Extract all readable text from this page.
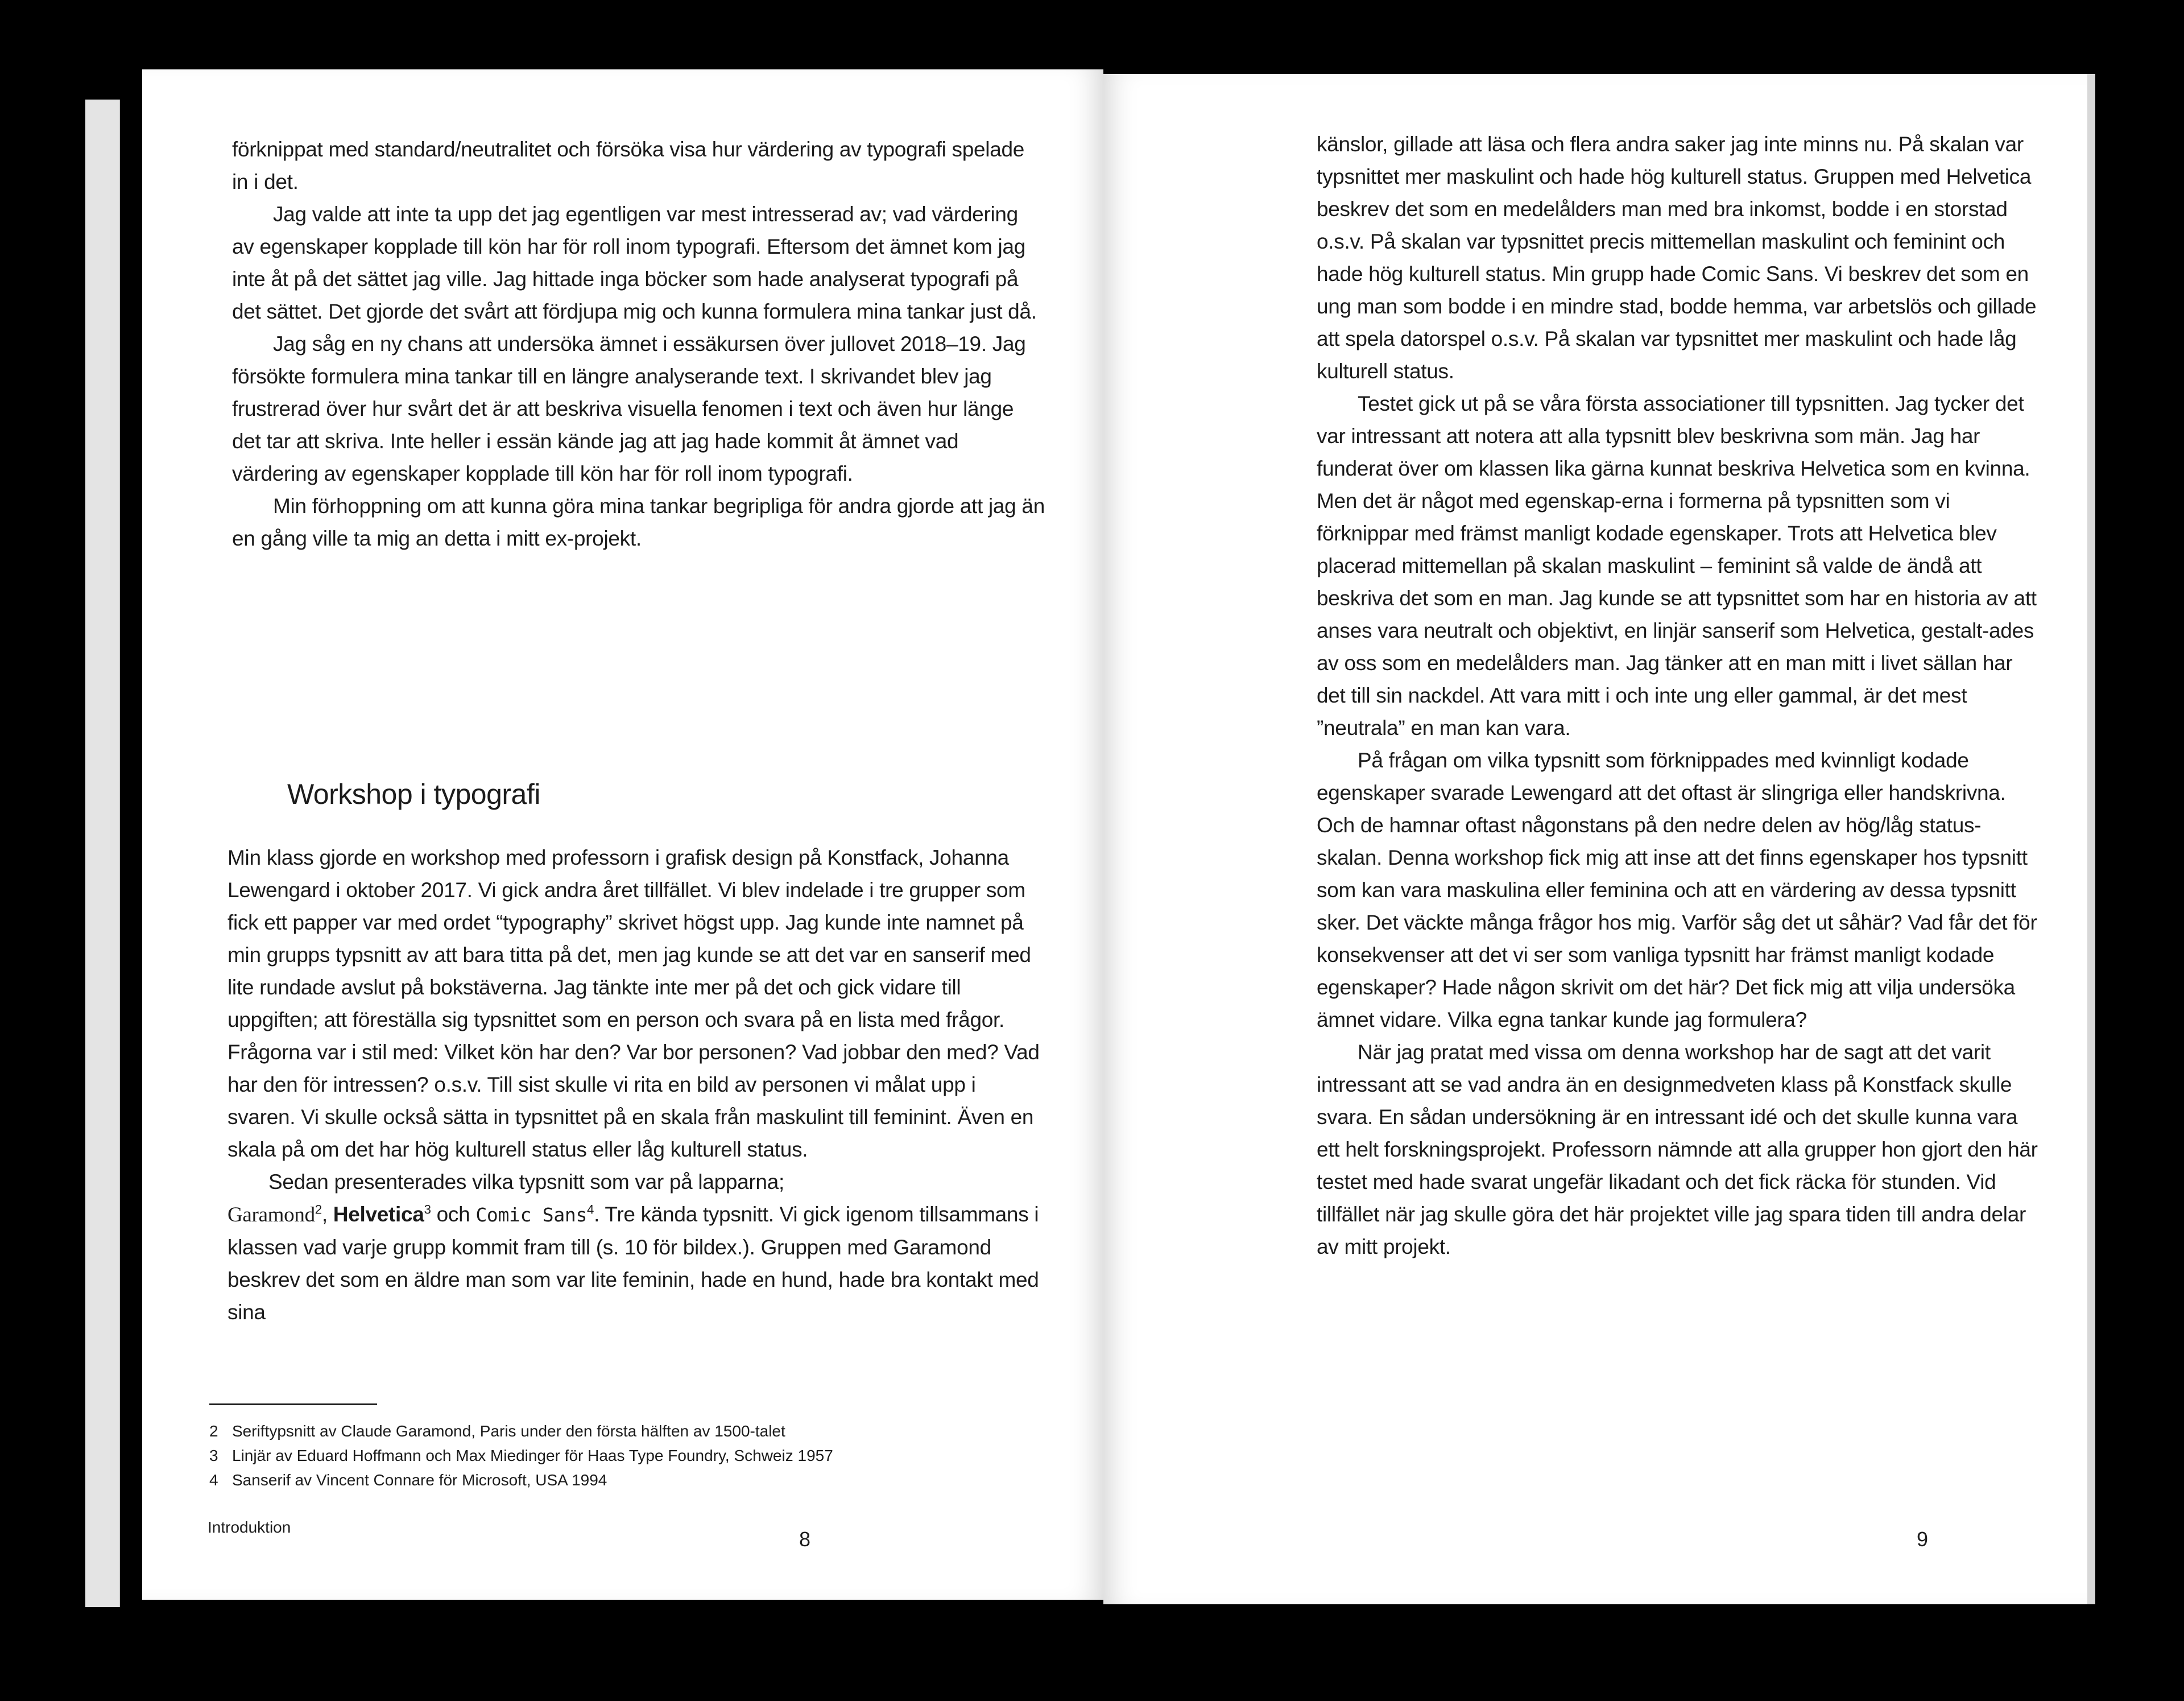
förknippat med standard/neutralitet och försöka visa hur värdering av typografi spelade in i det.

Jag valde att inte ta upp det jag egentligen var mest intresserad av; vad värdering av egenskaper kopplade till kön har för roll inom typografi. Eftersom det ämnet kom jag inte åt på det sättet jag ville. Jag hittade inga böcker som hade analyserat typografi på det sättet. Det gjorde det svårt att fördjupa mig och kunna formulera mina tankar just då.

Jag såg en ny chans att undersöka ämnet i essäkursen över jullovet 2018–19. Jag försökte formulera mina tankar till en längre analyserande text. I skrivandet blev jag frustrerad över hur svårt det är att beskriva visuella fenomen i text och även hur länge det tar att skriva. Inte heller i essän kände jag att jag hade kommit åt ämnet vad värdering av egenskaper kopplade till kön har för roll inom typografi.

Min förhoppning om att kunna göra mina tankar begripliga för andra gjorde att jag än en gång ville ta mig an detta i mitt ex-projekt.

Workshop i typografi

Min klass gjorde en workshop med professorn i grafisk design på Konstfack, Johanna Lewengard i oktober 2017. Vi gick andra året tillfället. Vi blev indelade i tre grupper som fick ett papper var med ordet “typography” skrivet högst upp. Jag kunde inte namnet på min grupps typsnitt av att bara titta på det, men jag kunde se att det var en sanserif med lite rundade avslut på bokstäverna. Jag tänkte inte mer på det och gick vidare till uppgiften; att föreställa sig typsnittet som en person och svara på en lista med frågor. Frågorna var i stil med: Vilket kön har den? Var bor personen? Vad jobbar den med? Vad har den för intressen? o.s.v. Till sist skulle vi rita en bild av personen vi målat upp i svaren. Vi skulle också sätta in typsnittet på en skala från maskulint till feminint. Även en skala på om det har hög kulturell status eller låg kulturell status.

Sedan presenterades vilka typsnitt som var på lapparna;
Garamond$^2$, Helvetica$^3$ och Comic Sans$^4$. Tre kända typsnitt. Vi gick igenom tillsammans i klassen vad varje grupp kommit fram till (s. 10 för bildex.). Gruppen med Garamond beskrev det som en äldre man som var lite feminin, hade en hund, hade bra kontakt med sina

2 Seriftypsnitt av Claude Garamond, Paris under den första hälften av 1500-talet

3 Linjär av Eduard Hoffmann och Max Miedinger för Haas Type Foundry, Schweiz 1957

4 Sanserif av Vincent Connare för Microsoft, USA 1994

Introduktion
8

känslor, gillade att läsa och flera andra saker jag inte minns nu. På skalan var typsnittet mer maskulint och hade hög kulturell status. Gruppen med Helvetica beskrev det som en medelålders man med bra inkomst, bodde i en storstad o.s.v. På skalan var typsnittet precis mittemellan maskulint och feminint och hade hög kulturell status. Min grupp hade Comic Sans. Vi beskrev det som en ung man som bodde i en mindre stad, bodde hemma, var arbetslös och gillade att spela datorspel o.s.v. På skalan var typsnittet mer maskulint och hade låg kulturell status.

Testet gick ut på se våra första associationer till typsnitten. Jag tycker det var intressant att notera att alla typsnitt blev beskrivna som män. Jag har funderat över om klassen lika gärna kunnat beskriva Helvetica som en kvinna. Men det är något med egenskap-erna i formerna på typsnitten som vi förknippar med främst manligt kodade egenskaper. Trots att Helvetica blev placerad mittemellan på skalan maskulint – feminint så valde de ändå att beskriva det som en man. Jag kunde se att typsnittet som har en historia av att anses vara neutralt och objektivt, en linjär sanserif som Helvetica, gestalt-ades av oss som en medelålders man. Jag tänker att en man mitt i livet sällan har det till sin nackdel. Att vara mitt i och inte ung eller gammal, är det mest ”neutrala” en man kan vara.

På frågan om vilka typsnitt som förknippades med kvinnligt kodade egenskaper svarade Lewengard att det oftast är slingriga eller handskrivna. Och de hamnar oftast någonstans på den nedre delen av hög/låg status-skalan. Denna workshop fick mig att inse att det finns egenskaper hos typsnitt som kan vara maskulina eller feminina och att en värdering av dessa typsnitt sker. Det väckte många frågor hos mig. Varför såg det ut såhär? Vad får det för konsekvenser att det vi ser som vanliga typsnitt har främst manligt kodade egenskaper? Hade någon skrivit om det här? Det fick mig att vilja undersöka ämnet vidare. Vilka egna tankar kunde jag formulera?

När jag pratat med vissa om denna workshop har de sagt att det varit intressant att se vad andra än en designmedveten klass på Konstfack skulle svara. En sådan undersökning är en intressant idé och det skulle kunna vara ett helt forskningsprojekt. Professorn nämnde att alla grupper hon gjort den här testet med hade svarat ungefär likadant och det fick räcka för stunden. Vid tillfället när jag skulle göra det här projektet ville jag spara tiden till andra delar av mitt projekt.

9
